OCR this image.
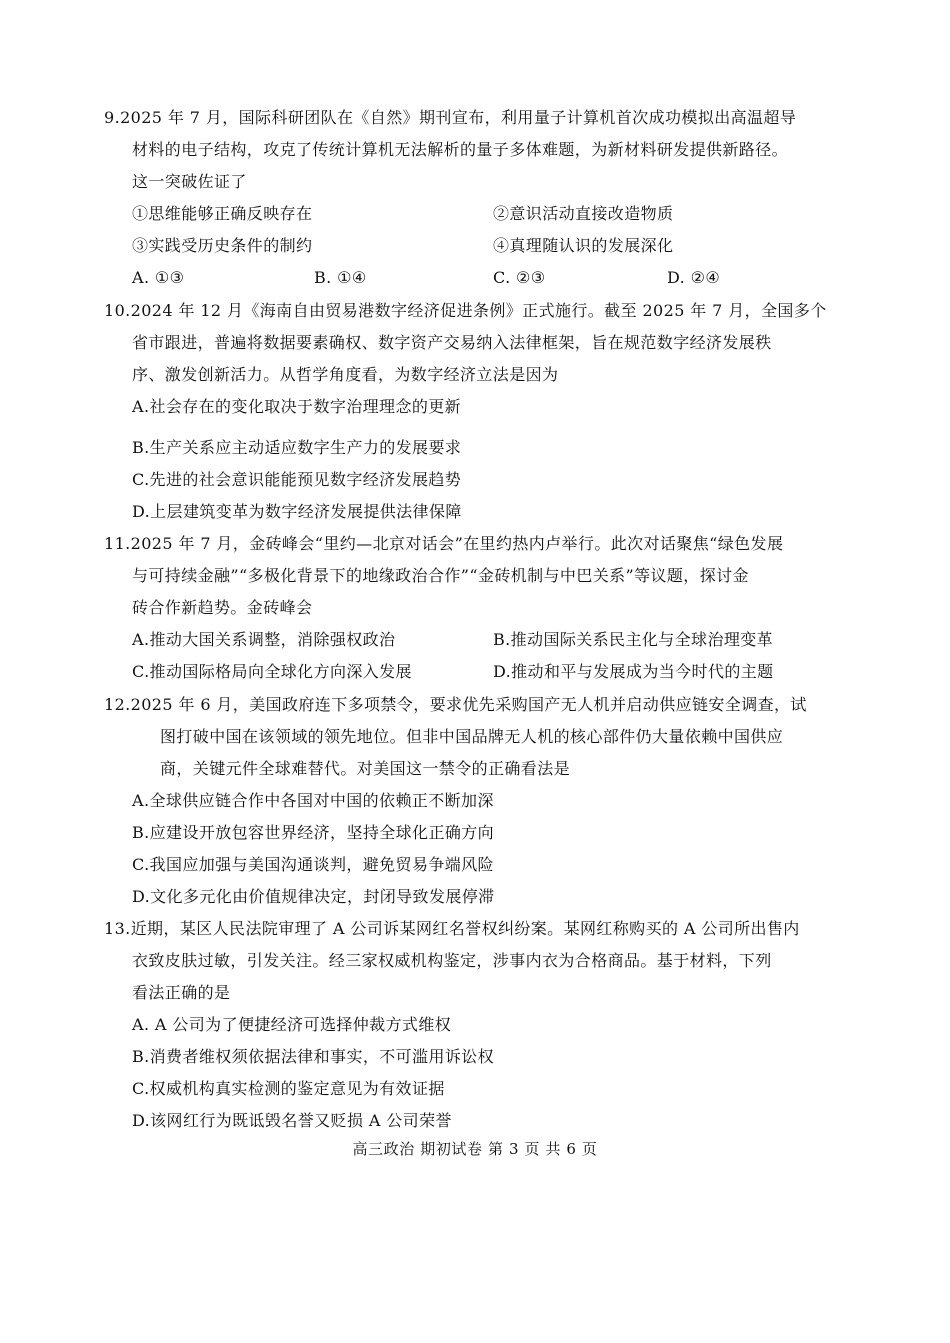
9.2025 年 7 月，国际科研团队在《自然》期刊宣布，利用量子计算机首次成功模拟出高温超导
材料的电子结构，攻克了传统计算机无法解析的量子多体难题，为新材料研发提供新路径。
这一突破佐证了
①思维能够正确反映存在	②意识活动直接改造物质
③实践受历史条件的制约	④真理随认识的发展深化
A. ①③	B. ①④	C. ②③	D. ②④
10.2024 年 12 月《海南自由贸易港数字经济促进条例》正式施行。截至 2025 年 7 月，全国多个
省市跟进，普遍将数据要素确权、数字资产交易纳入法律框架，旨在规范数字经济发展秩
序、激发创新活力。从哲学角度看，为数字经济立法是因为
A.社会存在的变化取决于数字治理理念的更新
B.生产关系应主动适应数字生产力的发展要求
C.先进的社会意识能能预见数字经济发展趋势
D.上层建筑变革为数字经济发展提供法律保障
11.2025 年 7 月，金砖峰会“里约—北京对话会”在里约热内卢举行。此次对话聚焦“绿色发展
与可持续金融”“多极化背景下的地缘政治合作”“金砖机制与中巴关系”等议题，探讨金
砖合作新趋势。金砖峰会
A.推动大国关系调整，消除强权政治	B.推动国际关系民主化与全球治理变革
C.推动国际格局向全球化方向深入发展	D.推动和平与发展成为当今时代的主题
12.2025 年 6 月，美国政府连下多项禁令，要求优先采购国产无人机并启动供应链安全调查，试
图打破中国在该领域的领先地位。但非中国品牌无人机的核心部件仍大量依赖中国供应
商，关键元件全球难替代。对美国这一禁令的正确看法是
A.全球供应链合作中各国对中国的依赖正不断加深
B.应建设开放包容世界经济，坚持全球化正确方向
C.我国应加强与美国沟通谈判，避免贸易争端风险
D.文化多元化由价值规律决定，封闭导致发展停滞
13.近期，某区人民法院审理了 A 公司诉某网红名誉权纠纷案。某网红称购买的 A 公司所出售内
衣致皮肤过敏，引发关注。经三家权威机构鉴定，涉事内衣为合格商品。基于材料，下列
看法正确的是
A. A 公司为了便捷经济可选择仲裁方式维权
B.消费者维权须依据法律和事实，不可滥用诉讼权
C.权威机构真实检测的鉴定意见为有效证据
D.该网红行为既诋毁名誉又贬损 A 公司荣誉
高三政治 期初试卷 第 3 页 共 6 页
